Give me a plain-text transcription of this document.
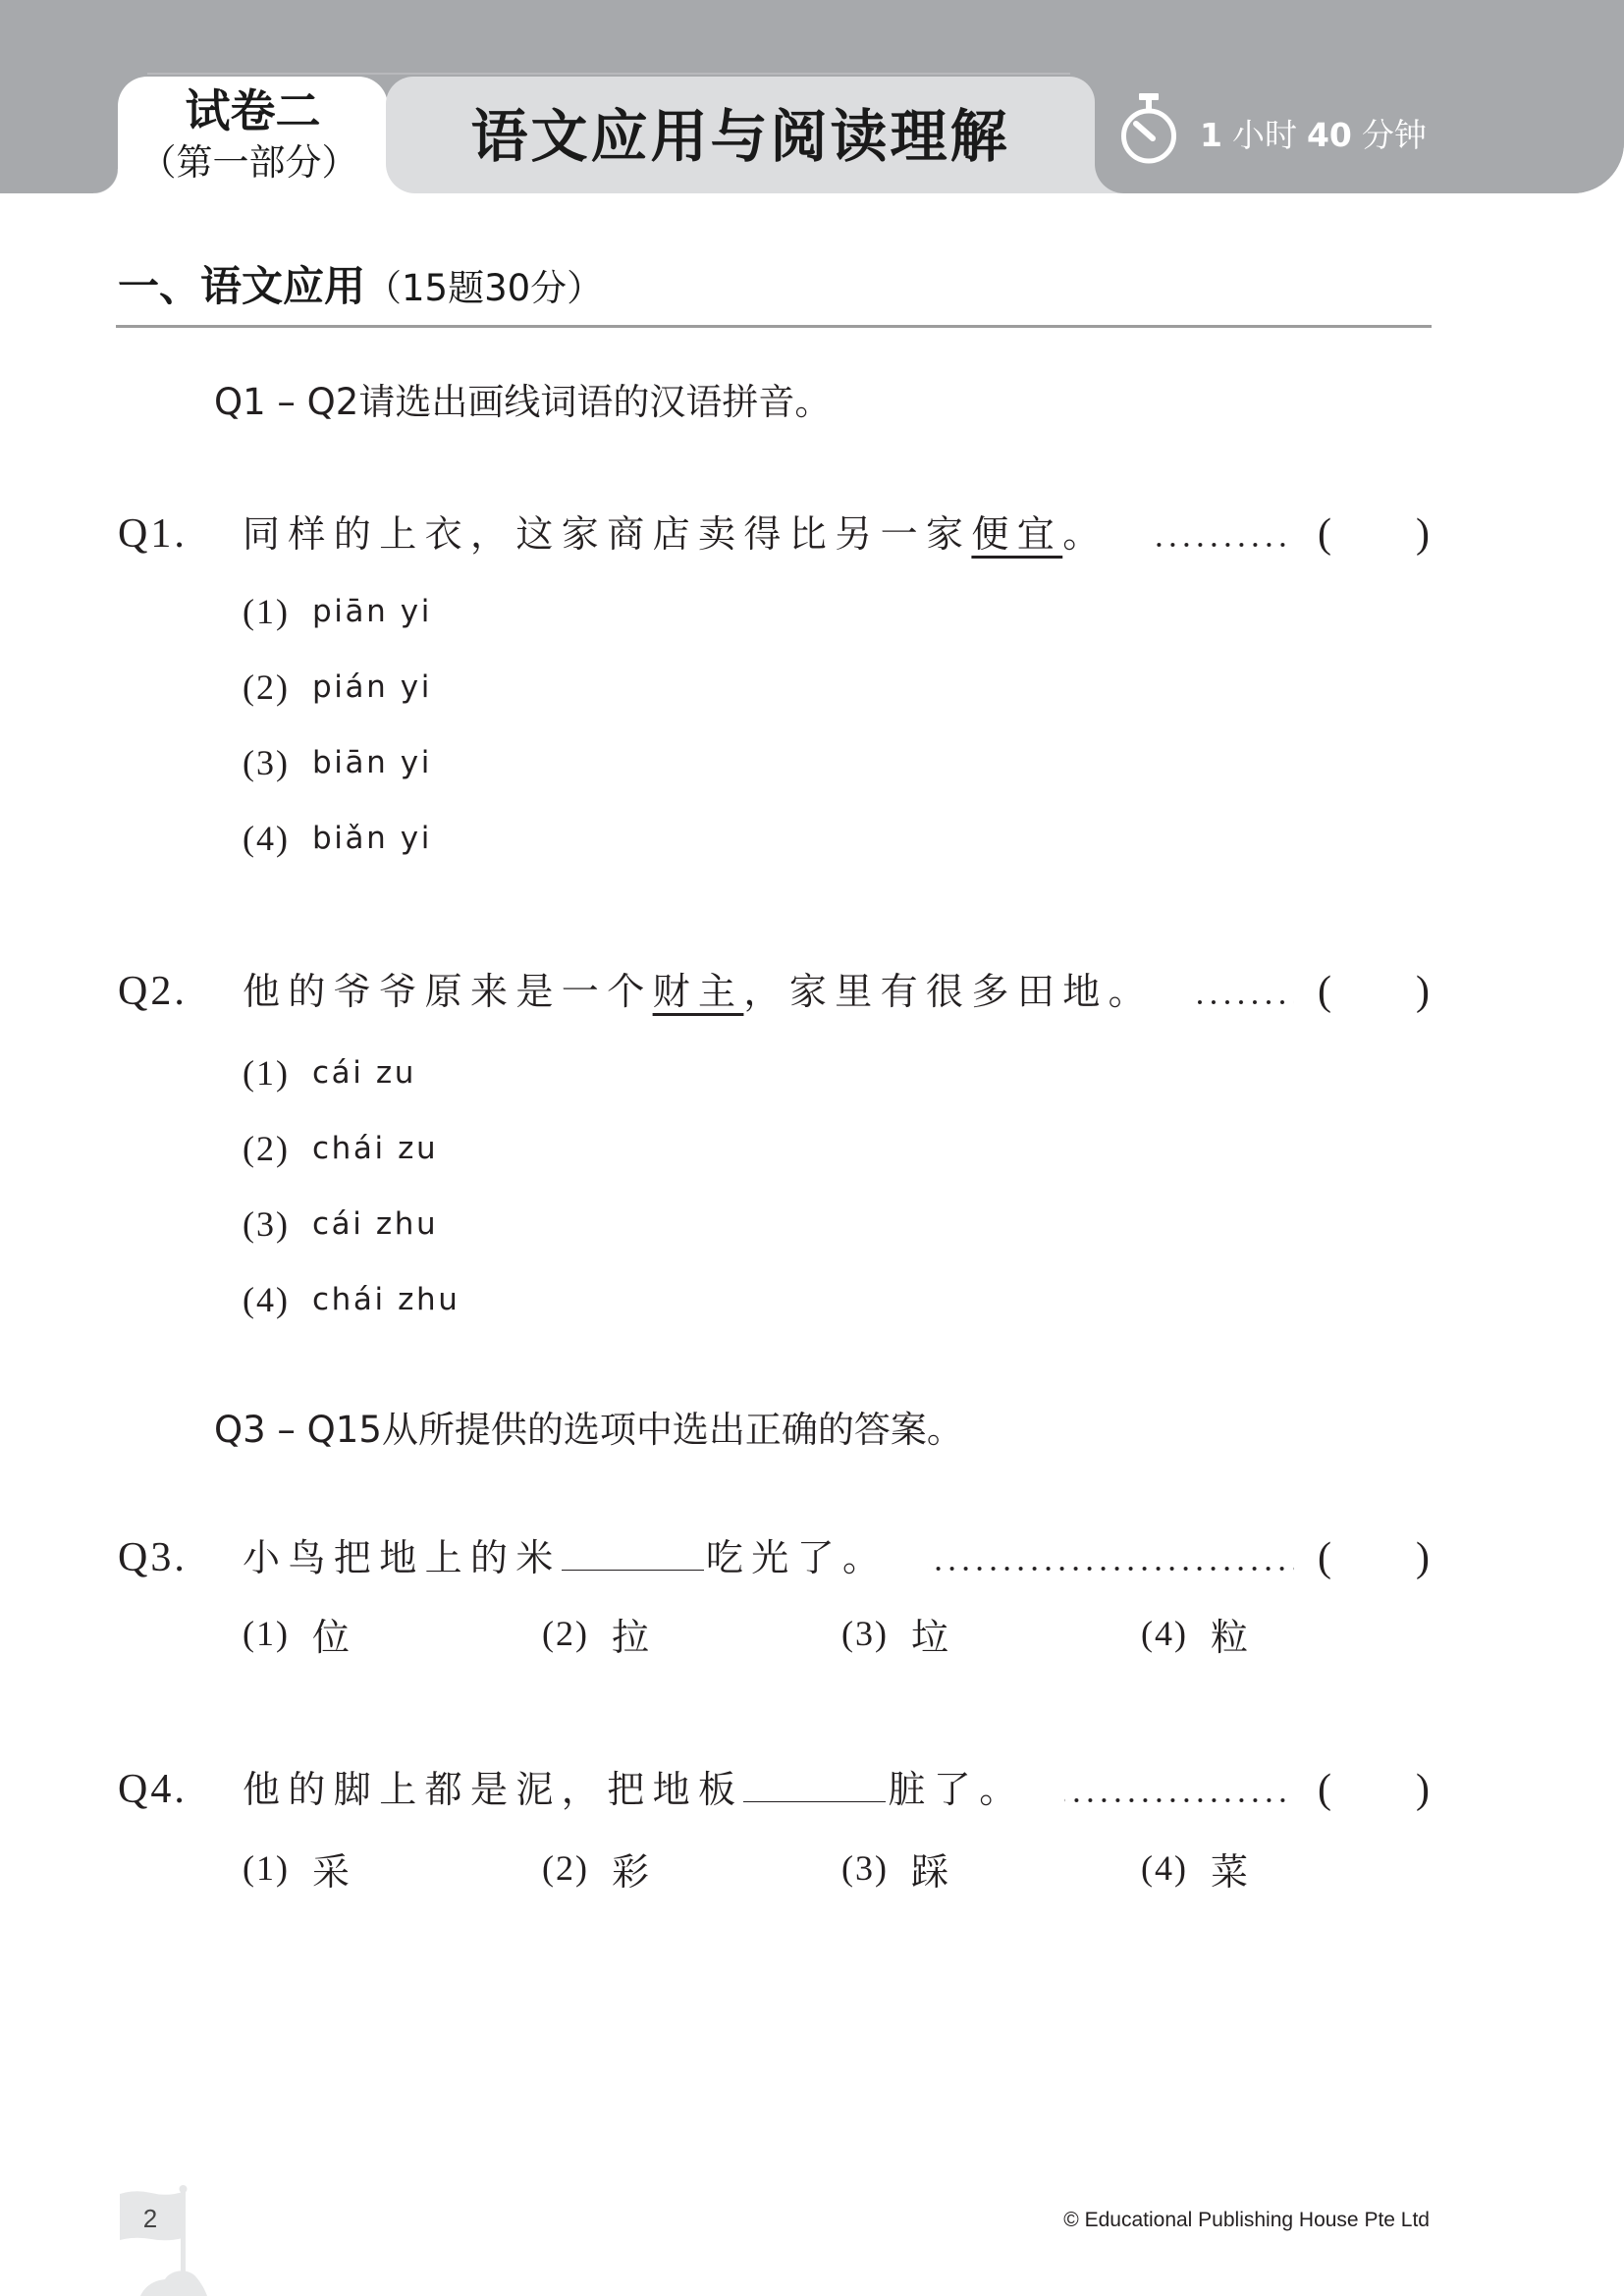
试卷二
（第一部分）	语文应用与阅读理解	1 小时 40 分钟
一、语文应用（15题30分）
Q1 – Q2请选出画线词语的汉语拼音。
Q1.	同样的上衣，这家商店卖得比另一家便宜。	( )
(1) piān yi
(2) pián yi
(3) biān yi
(4) biǎn yi
Q2.	他的爷爷原来是一个财主，家里有很多田地。	( )
(1) cái zu
(2) chái zu
(3) cái zhu
(4) chái zhu
Q3 – Q15从所提供的选项中选出正确的答案。
Q3.	小鸟把地上的米	吃光了。	( )
(1) 位	(2) 拉	(3) 垃	(4) 粒
Q4.	他的脚上都是泥，把地板	脏了。	( )
(1) 采	(2) 彩	(3) 踩	(4) 菜
2	© Educational Publishing House Pte Ltd
